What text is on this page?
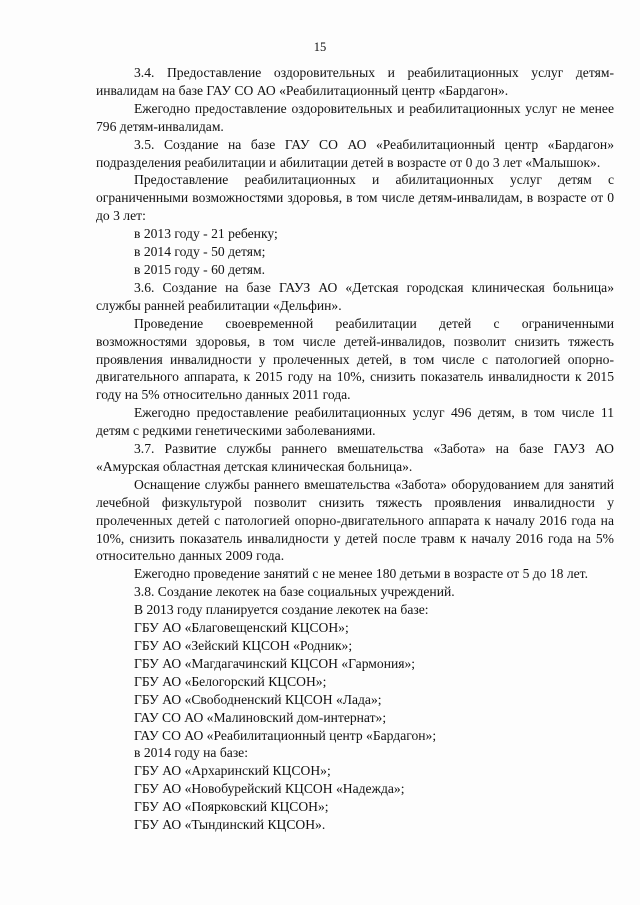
15

3.4. Предоставление оздоровительных и реабилитационных услуг детям-инвалидам на базе ГАУ СО АО «Реабилитационный центр «Бардагон».

Ежегодно предоставление оздоровительных и реабилитационных услуг не менее 796 детям-инвалидам.

3.5. Создание на базе ГАУ СО АО «Реабилитационный центр «Бардагон» подразделения реабилитации и абилитации детей в возрасте от 0 до 3 лет «Малышок».

Предоставление реабилитационных и абилитационных услуг детям с ограниченными возможностями здоровья, в том числе детям-инвалидам, в возрасте от 0 до 3 лет:

в 2013 году - 21 ребенку;

в 2014 году - 50 детям;

в 2015 году - 60 детям.

3.6. Создание на базе ГАУЗ АО «Детская городская клиническая больница» службы ранней реабилитации «Дельфин».

Проведение своевременной реабилитации детей с ограниченными возможностями здоровья, в том числе детей-инвалидов, позволит снизить тяжесть проявления инвалидности у пролеченных детей, в том числе с патологией опорно-двигательного аппарата, к 2015 году на 10%, снизить показатель инвалидности к 2015 году на 5% относительно данных 2011 года.

Ежегодно предоставление реабилитационных услуг 496 детям, в том числе 11 детям с редкими генетическими заболеваниями.

3.7. Развитие службы раннего вмешательства «Забота» на базе ГАУЗ АО «Амурская областная детская клиническая больница».

Оснащение службы раннего вмешательства «Забота» оборудованием для занятий лечебной физкультурой позволит снизить тяжесть проявления инвалидности у пролеченных детей с патологией опорно-двигательного аппарата к началу 2016 года на 10%, снизить показатель инвалидности у детей после травм к началу 2016 года на 5% относительно данных 2009 года.

Ежегодно проведение занятий с не менее 180 детьми в возрасте от 5 до 18 лет.

3.8. Создание лекотек на базе социальных учреждений.

В 2013 году планируется создание лекотек на базе:

ГБУ АО «Благовещенский КЦСОН»;

ГБУ АО «Зейский КЦСОН «Родник»;

ГБУ АО «Магдагачинский КЦСОН «Гармония»;

ГБУ АО «Белогорский КЦСОН»;

ГБУ АО «Свободненский КЦСОН «Лада»;

ГАУ СО АО «Малиновский дом-интернат»;

ГАУ СО АО «Реабилитационный центр «Бардагон»;

в 2014 году на базе:

ГБУ АО «Архаринский КЦСОН»;

ГБУ АО «Новобурейский КЦСОН «Надежда»;

ГБУ АО «Поярковский КЦСОН»;

ГБУ АО «Тындинский КЦСОН».
